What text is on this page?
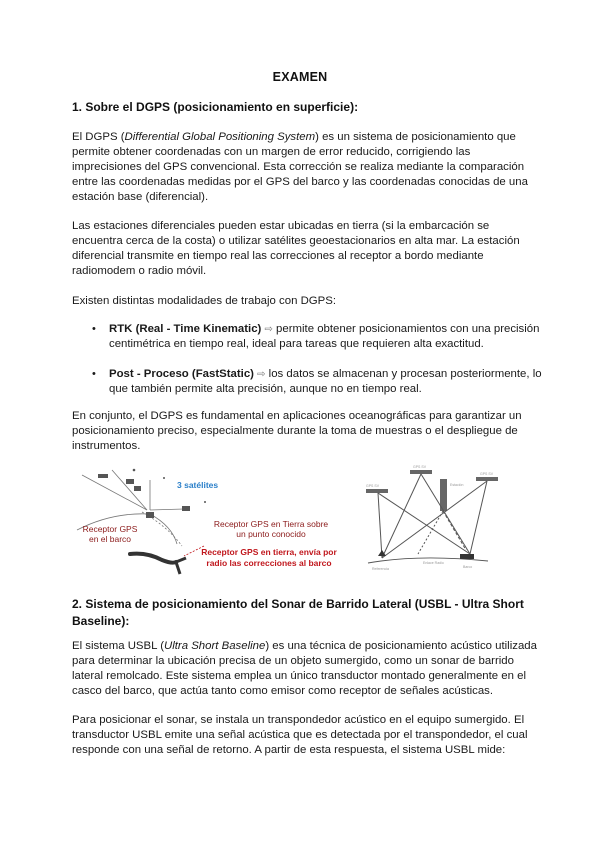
EXAMEN
1. Sobre el DGPS (posicionamiento en superficie):
El DGPS (Differential Global Positioning System) es un sistema de posicionamiento que permite obtener coordenadas con un margen de error reducido, corrigiendo las imprecisiones del GPS convencional. Esta corrección se realiza mediante la comparación entre las coordenadas medidas por el GPS del barco y las coordenadas conocidas de una estación base (diferencial).
Las estaciones diferenciales pueden estar ubicadas en tierra (si la embarcación se encuentra cerca de la costa) o utilizar satélites geoestacionarios en alta mar. La estación diferencial transmite en tiempo real las correcciones al receptor a bordo mediante radiomodem o radio móvil.
Existen distintas modalidades de trabajo con DGPS:
• RTK (Real - Time Kinematic) ⇨ permite obtener posicionamientos con una precisión centimétrica en tiempo real, ideal para tareas que requieren alta exactitud.
• Post - Proceso (FastStatic) ⇨ los datos se almacenan y procesan posteriormente, lo que también permite alta precisión, aunque no en tiempo real.
En conjunto, el DGPS es fundamental en aplicaciones oceanográficas para garantizar un posicionamiento preciso, especialmente durante la toma de muestras o el despliegue de instrumentos.
3 satélites
Receptor GPS
en el barco
Receptor GPS en Tierra sobre
un punto conocido
Receptor GPS en tierra, envía por
radio las correcciones al barco
GPS SV
GPS SV
GPS SV
Estación
Referencia
Enlace Radio
Barco
2. Sistema de posicionamiento del Sonar de Barrido Lateral (USBL - Ultra Short Baseline):
El sistema USBL (Ultra Short Baseline) es una técnica de posicionamiento acústico utilizada para determinar la ubicación precisa de un objeto sumergido, como un sonar de barrido lateral remolcado. Este sistema emplea un único transductor montado generalmente en el casco del barco, que actúa tanto como emisor como receptor de señales acústicas.
Para posicionar el sonar, se instala un transpondedor acústico en el equipo sumergido. El transductor USBL emite una señal acústica que es detectada por el transpondedor, el cual responde con una señal de retorno. A partir de esta respuesta, el sistema USBL mide:
